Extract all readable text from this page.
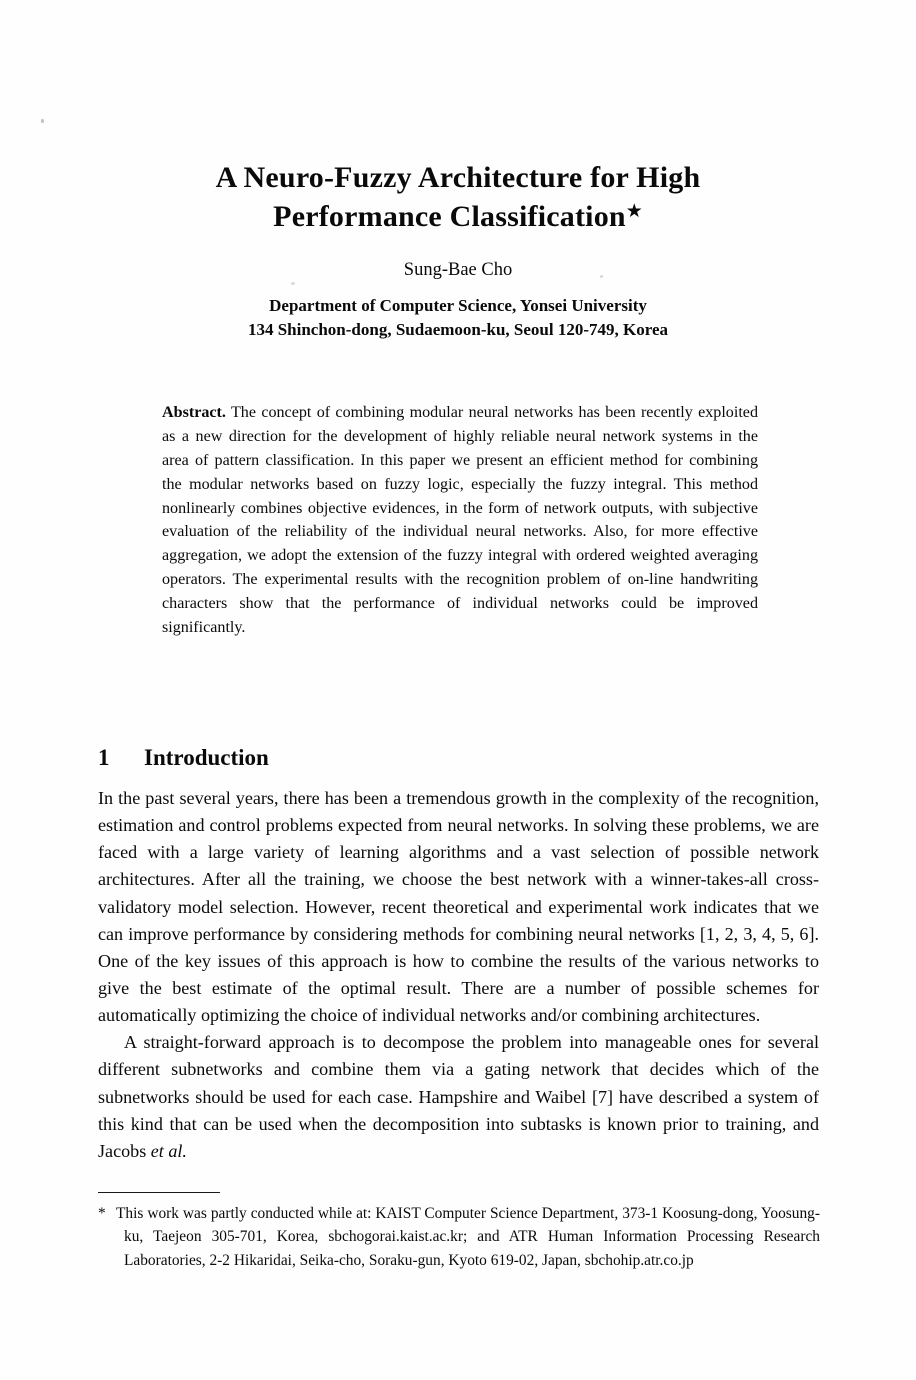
A Neuro-Fuzzy Architecture for High
Performance Classification★
Sung-Bae Cho
Department of Computer Science, Yonsei University
134 Shinchon-dong, Sudaemoon-ku, Seoul 120-749, Korea
Abstract. The concept of combining modular neural networks has been recently exploited as a new direction for the development of highly reliable neural network systems in the area of pattern classification. In this paper we present an efficient method for combining the modular networks based on fuzzy logic, especially the fuzzy integral. This method nonlinearly combines objective evidences, in the form of network outputs, with subjective evaluation of the reliability of the individual neural networks. Also, for more effective aggregation, we adopt the extension of the fuzzy integral with ordered weighted averaging operators. The experimental results with the recognition problem of on-line handwriting characters show that the performance of individual networks could be improved significantly.
1 Introduction

In the past several years, there has been a tremendous growth in the complexity of the recognition, estimation and control problems expected from neural networks. In solving these problems, we are faced with a large variety of learning algorithms and a vast selection of possible network architectures. After all the training, we choose the best network with a winner-takes-all cross-validatory model selection. However, recent theoretical and experimental work indicates that we can improve performance by considering methods for combining neural networks [1, 2, 3, 4, 5, 6]. One of the key issues of this approach is how to combine the results of the various networks to give the best estimate of the optimal result. There are a number of possible schemes for automatically optimizing the choice of individual networks and/or combining architectures.

A straight-forward approach is to decompose the problem into manageable ones for several different subnetworks and combine them via a gating network that decides which of the subnetworks should be used for each case. Hampshire and Waibel [7] have described a system of this kind that can be used when the decomposition into subtasks is known prior to training, and Jacobs et al.

* This work was partly conducted while at: KAIST Computer Science Department, 373-1 Koosung-dong, Yoosung-ku, Taejeon 305-701, Korea, sbchogorai.kaist.ac.kr; and ATR Human Information Processing Research Laboratories, 2-2 Hikaridai, Seika-cho, Soraku-gun, Kyoto 619-02, Japan, sbchohip.atr.co.jp
